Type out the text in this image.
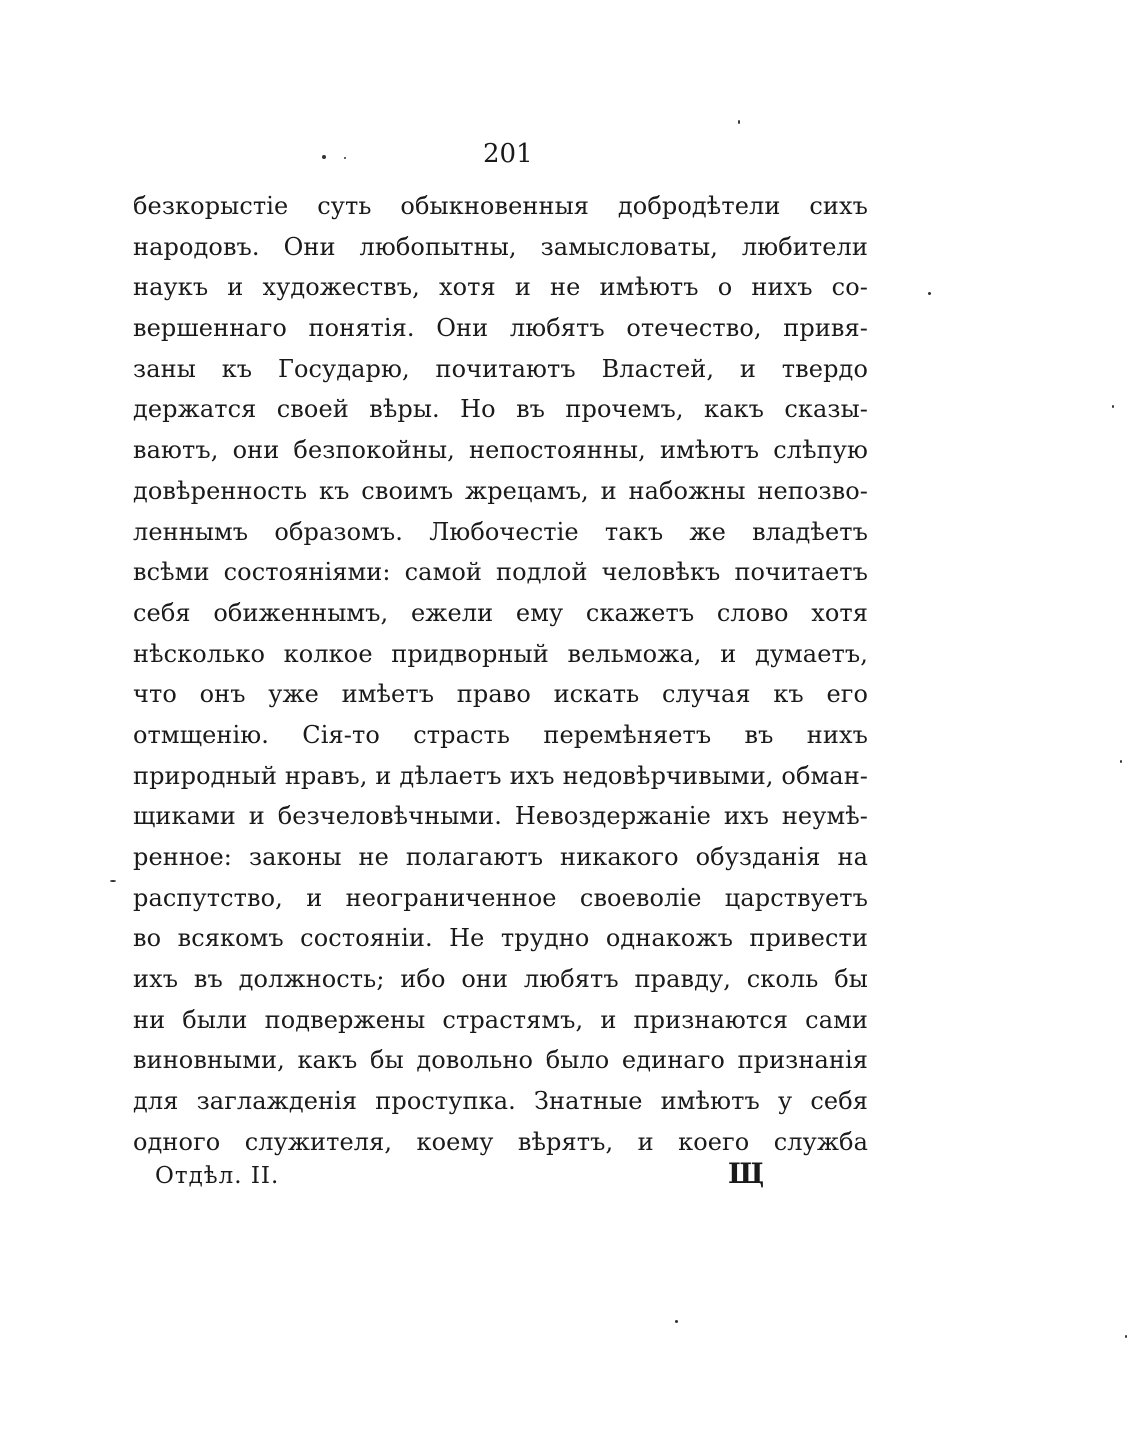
201
безкорыстіе суть обыкновенныя добродѣтели сихъ
народовъ. Они любопытны, замысловаты, любители
наукъ и художествъ, хотя и не имѣютъ о нихъ со-
вершеннаго понятія. Они любятъ отечество, привя-
заны къ Государю, почитаютъ Властей, и твердо
держатся своей вѣры. Но въ прочемъ, какъ сказы-
ваютъ, они безпокойны, непостоянны, имѣютъ слѣпую
довѣренность къ своимъ жрецамъ, и набожны непозво-
леннымъ образомъ. Любочестіе такъ же владѣетъ
всѣми состояніями: самой подлой человѣкъ почитаетъ
себя обиженнымъ, ежели ему скажетъ слово хотя
нѣсколько колкое придворный вельможа, и думаетъ,
что онъ уже имѣетъ право искать случая къ его
отмщенію. Сія-то страсть перемѣняетъ въ нихъ
природный нравъ, и дѣлаетъ ихъ недовѣрчивыми, обман-
щиками и безчеловѣчными. Невоздержаніе ихъ неумѣ-
ренное: законы не полагаютъ никакого обузданія на
распутство, и неограниченное своеволіе царствуетъ
во всякомъ состояніи. Не трудно однакожъ привести
ихъ въ должность; ибо они любятъ правду, сколь бы
ни были подвержены страстямъ, и признаются сами
виновными, какъ бы довольно было единаго признанія
для заглажденія проступка. Знатные имѣютъ у себя
одного служителя, коему вѣрятъ, и коего служба
Отдѣл. II.	Щ
